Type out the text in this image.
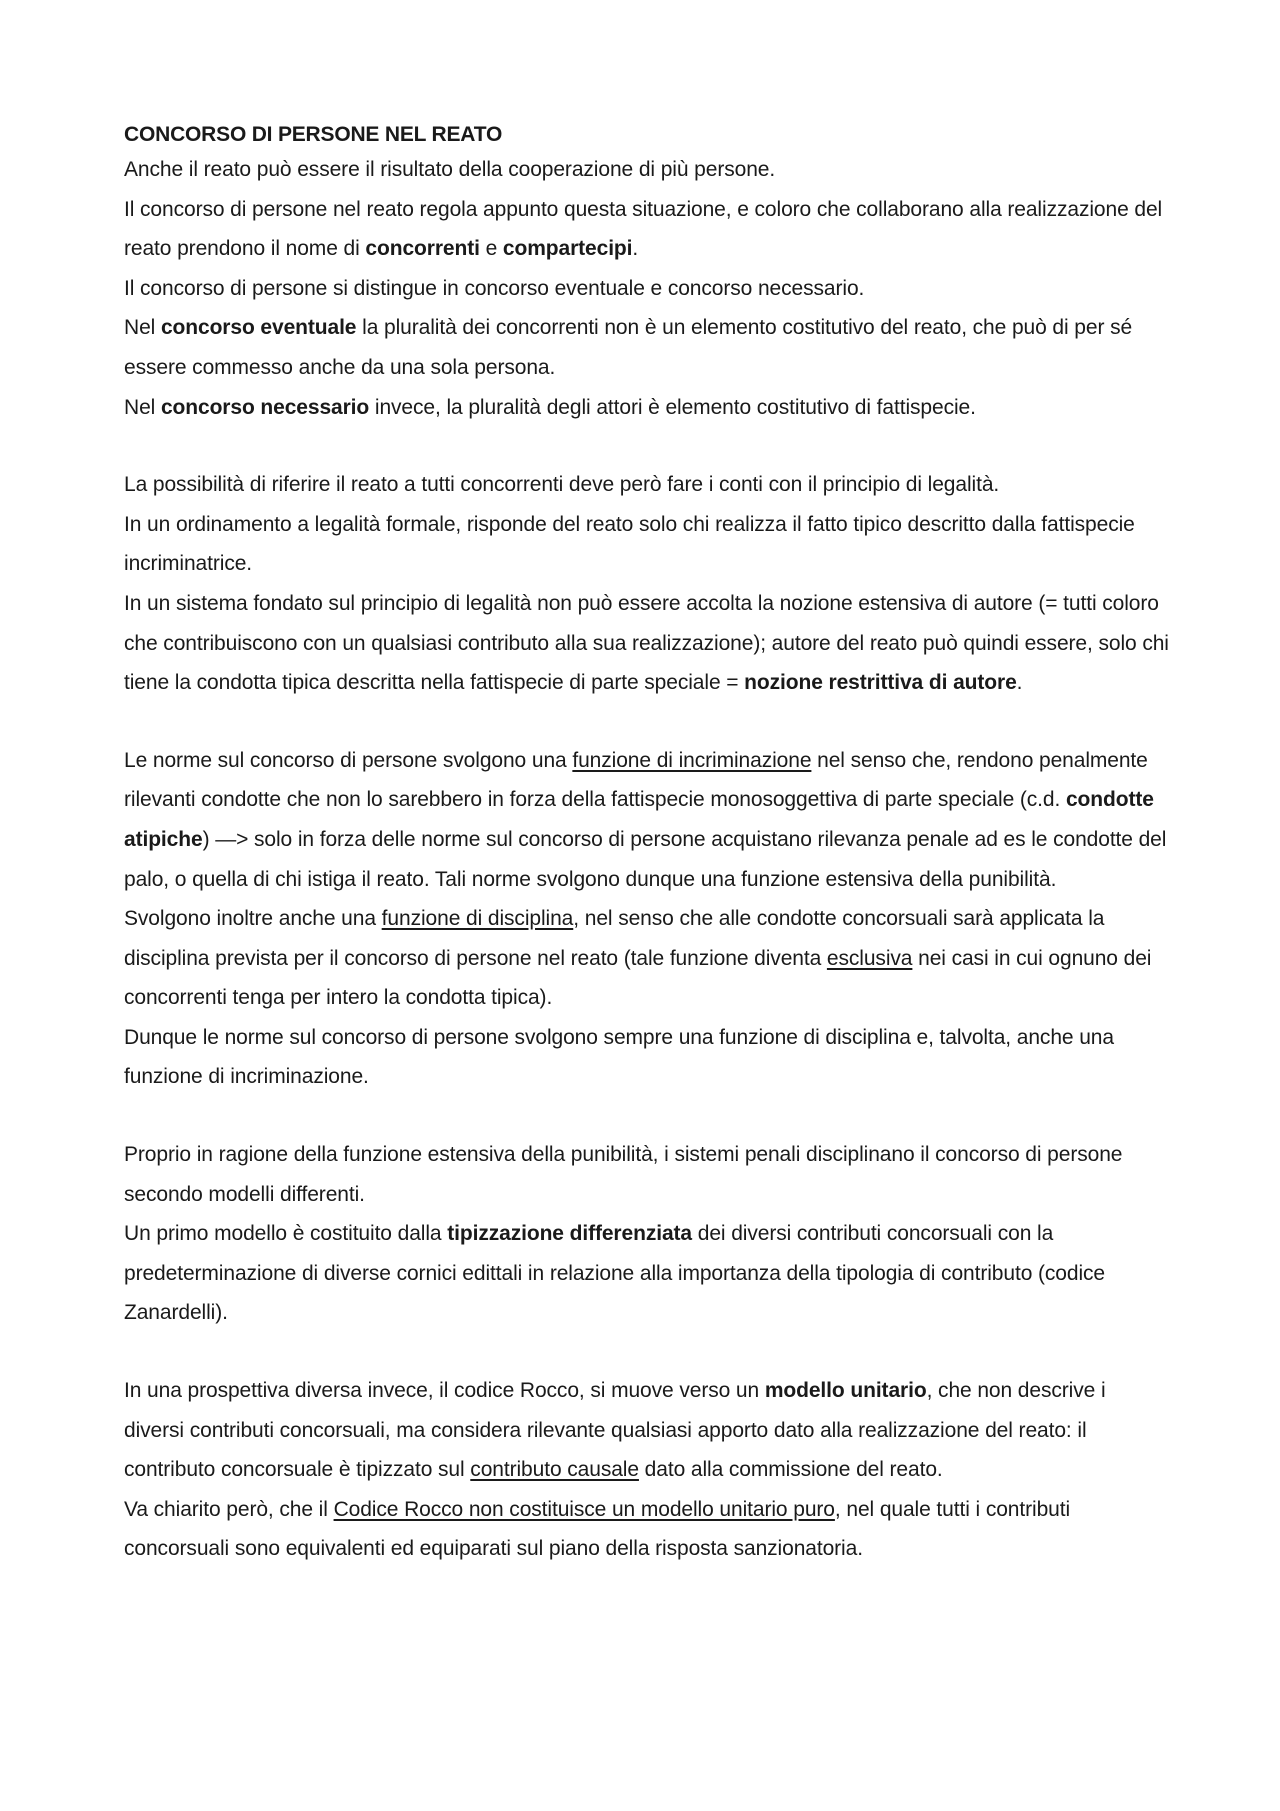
CONCORSO DI PERSONE NEL REATO

Anche il reato può essere il risultato della cooperazione di più persone.

Il concorso di persone nel reato regola appunto questa situazione, e coloro che collaborano alla realizzazione del reato prendono il nome di concorrenti e compartecipi.

Il concorso di persone si distingue in concorso eventuale e concorso necessario.

Nel concorso eventuale la pluralità dei concorrenti non è un elemento costitutivo del reato, che può di per sé essere commesso anche da una sola persona.

Nel concorso necessario invece, la pluralità degli attori è elemento costitutivo di fattispecie.

La possibilità di riferire il reato a tutti concorrenti deve però fare i conti con il principio di legalità.

In un ordinamento a legalità formale, risponde del reato solo chi realizza il fatto tipico descritto dalla fattispecie incriminatrice.

In un sistema fondato sul principio di legalità non può essere accolta la nozione estensiva di autore (= tutti coloro che contribuiscono con un qualsiasi contributo alla sua realizzazione); autore del reato può quindi essere, solo chi tiene la condotta tipica descritta nella fattispecie di parte speciale = nozione restrittiva di autore.

Le norme sul concorso di persone svolgono una funzione di incriminazione nel senso che, rendono penalmente rilevanti condotte che non lo sarebbero in forza della fattispecie monosoggettiva di parte speciale (c.d. condotte atipiche) —> solo in forza delle norme sul concorso di persone acquistano rilevanza penale ad es le condotte del palo, o quella di chi istiga il reato. Tali norme svolgono dunque una funzione estensiva della punibilità.

Svolgono inoltre anche una funzione di disciplina, nel senso che alle condotte concorsuali sarà applicata la disciplina prevista per il concorso di persone nel reato (tale funzione diventa esclusiva nei casi in cui ognuno dei concorrenti tenga per intero la condotta tipica).

Dunque le norme sul concorso di persone svolgono sempre una funzione di disciplina e, talvolta, anche una funzione di incriminazione.

Proprio in ragione della funzione estensiva della punibilità, i sistemi penali disciplinano il concorso di persone secondo modelli differenti.

Un primo modello è costituito dalla tipizzazione differenziata dei diversi contributi concorsuali con la predeterminazione di diverse cornici edittali in relazione alla importanza della tipologia di contributo (codice Zanardelli).

In una prospettiva diversa invece, il codice Rocco, si muove verso un modello unitario, che non descrive i diversi contributi concorsuali, ma considera rilevante qualsiasi apporto dato alla realizzazione del reato: il contributo concorsuale è tipizzato sul contributo causale dato alla commissione del reato.

Va chiarito però, che il Codice Rocco non costituisce un modello unitario puro, nel quale tutti i contributi concorsuali sono equivalenti ed equiparati sul piano della risposta sanzionatoria.
